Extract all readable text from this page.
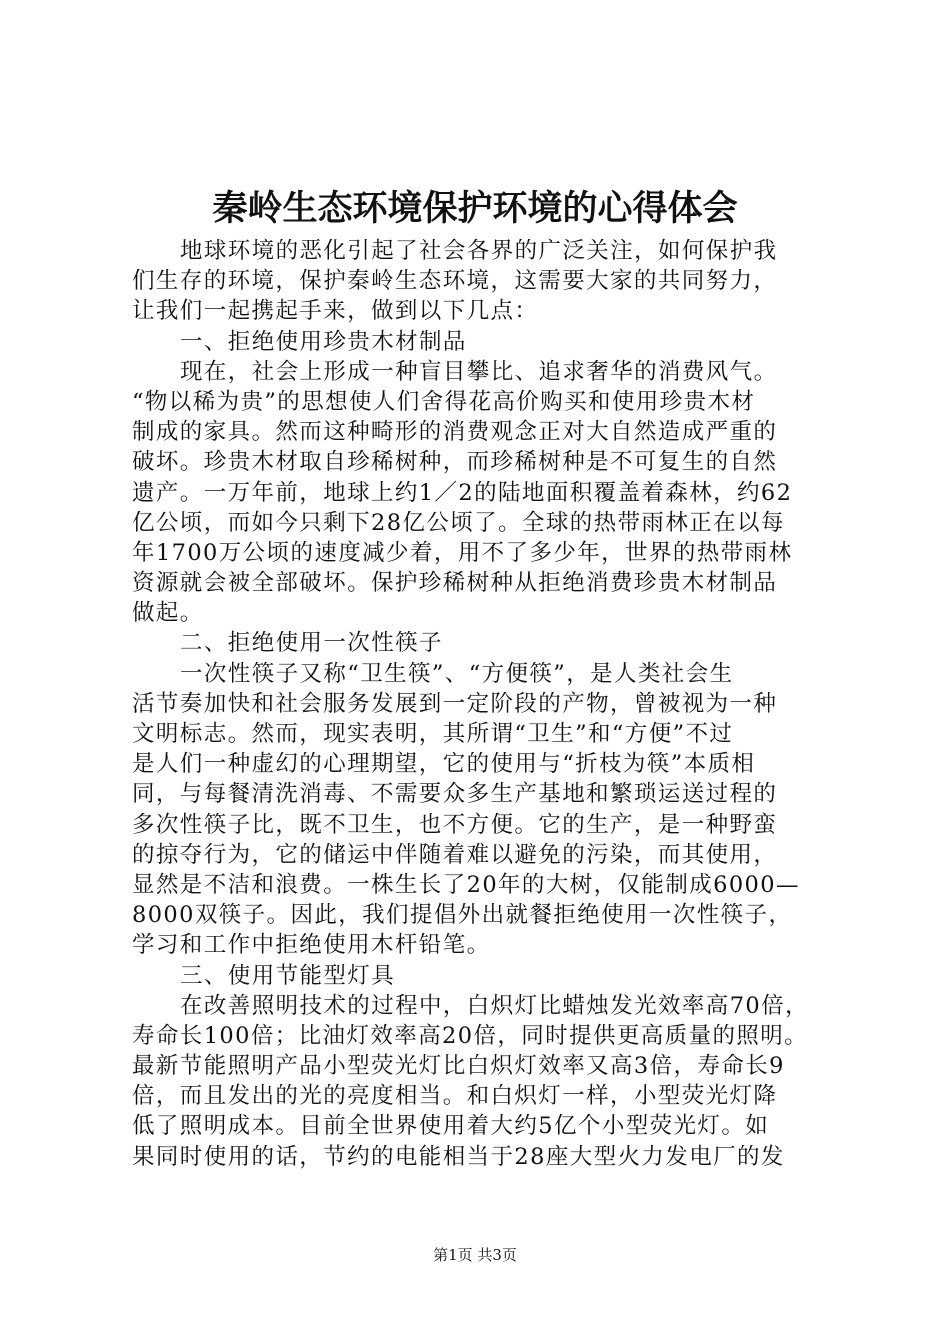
秦岭生态环境保护环境的心得体会
地球环境的恶化引起了社会各界的广泛关注，如何保护我
们生存的环境，保护秦岭生态环境，这需要大家的共同努力，
让我们一起携起手来，做到以下几点：
一、拒绝使用珍贵木材制品
现在，社会上形成一种盲目攀比、追求奢华的消费风气。
“物以稀为贵”的思想使人们舍得花高价购买和使用珍贵木材
制成的家具。然而这种畸形的消费观念正对大自然造成严重的
破坏。珍贵木材取自珍稀树种，而珍稀树种是不可复生的自然
遗产。一万年前，地球上约1／2的陆地面积覆盖着森林，约62
亿公顷，而如今只剩下28亿公顷了。全球的热带雨林正在以每
年1700万公顷的速度减少着，用不了多少年，世界的热带雨林
资源就会被全部破坏。保护珍稀树种从拒绝消费珍贵木材制品
做起。
二、拒绝使用一次性筷子
一次性筷子又称“卫生筷”、“方便筷”，是人类社会生
活节奏加快和社会服务发展到一定阶段的产物，曾被视为一种
文明标志。然而，现实表明，其所谓“卫生”和“方便”不过
是人们一种虚幻的心理期望，它的使用与“折枝为筷”本质相
同，与每餐清洗消毒、不需要众多生产基地和繁琐运送过程的
多次性筷子比，既不卫生，也不方便。它的生产，是一种野蛮
的掠夺行为，它的储运中伴随着难以避免的污染，而其使用，
显然是不洁和浪费。一株生长了20年的大树，仅能制成6000—
8000双筷子。因此，我们提倡外出就餐拒绝使用一次性筷子，
学习和工作中拒绝使用木杆铅笔。
三、使用节能型灯具
在改善照明技术的过程中，白炽灯比蜡烛发光效率高70倍，
寿命长100倍；比油灯效率高20倍，同时提供更高质量的照明。
最新节能照明产品小型荧光灯比白炽灯效率又高3倍，寿命长9
倍，而且发出的光的亮度相当。和白炽灯一样，小型荧光灯降
低了照明成本。目前全世界使用着大约5亿个小型荧光灯。如
果同时使用的话，节约的电能相当于28座大型火力发电厂的发
第1页 共3页
